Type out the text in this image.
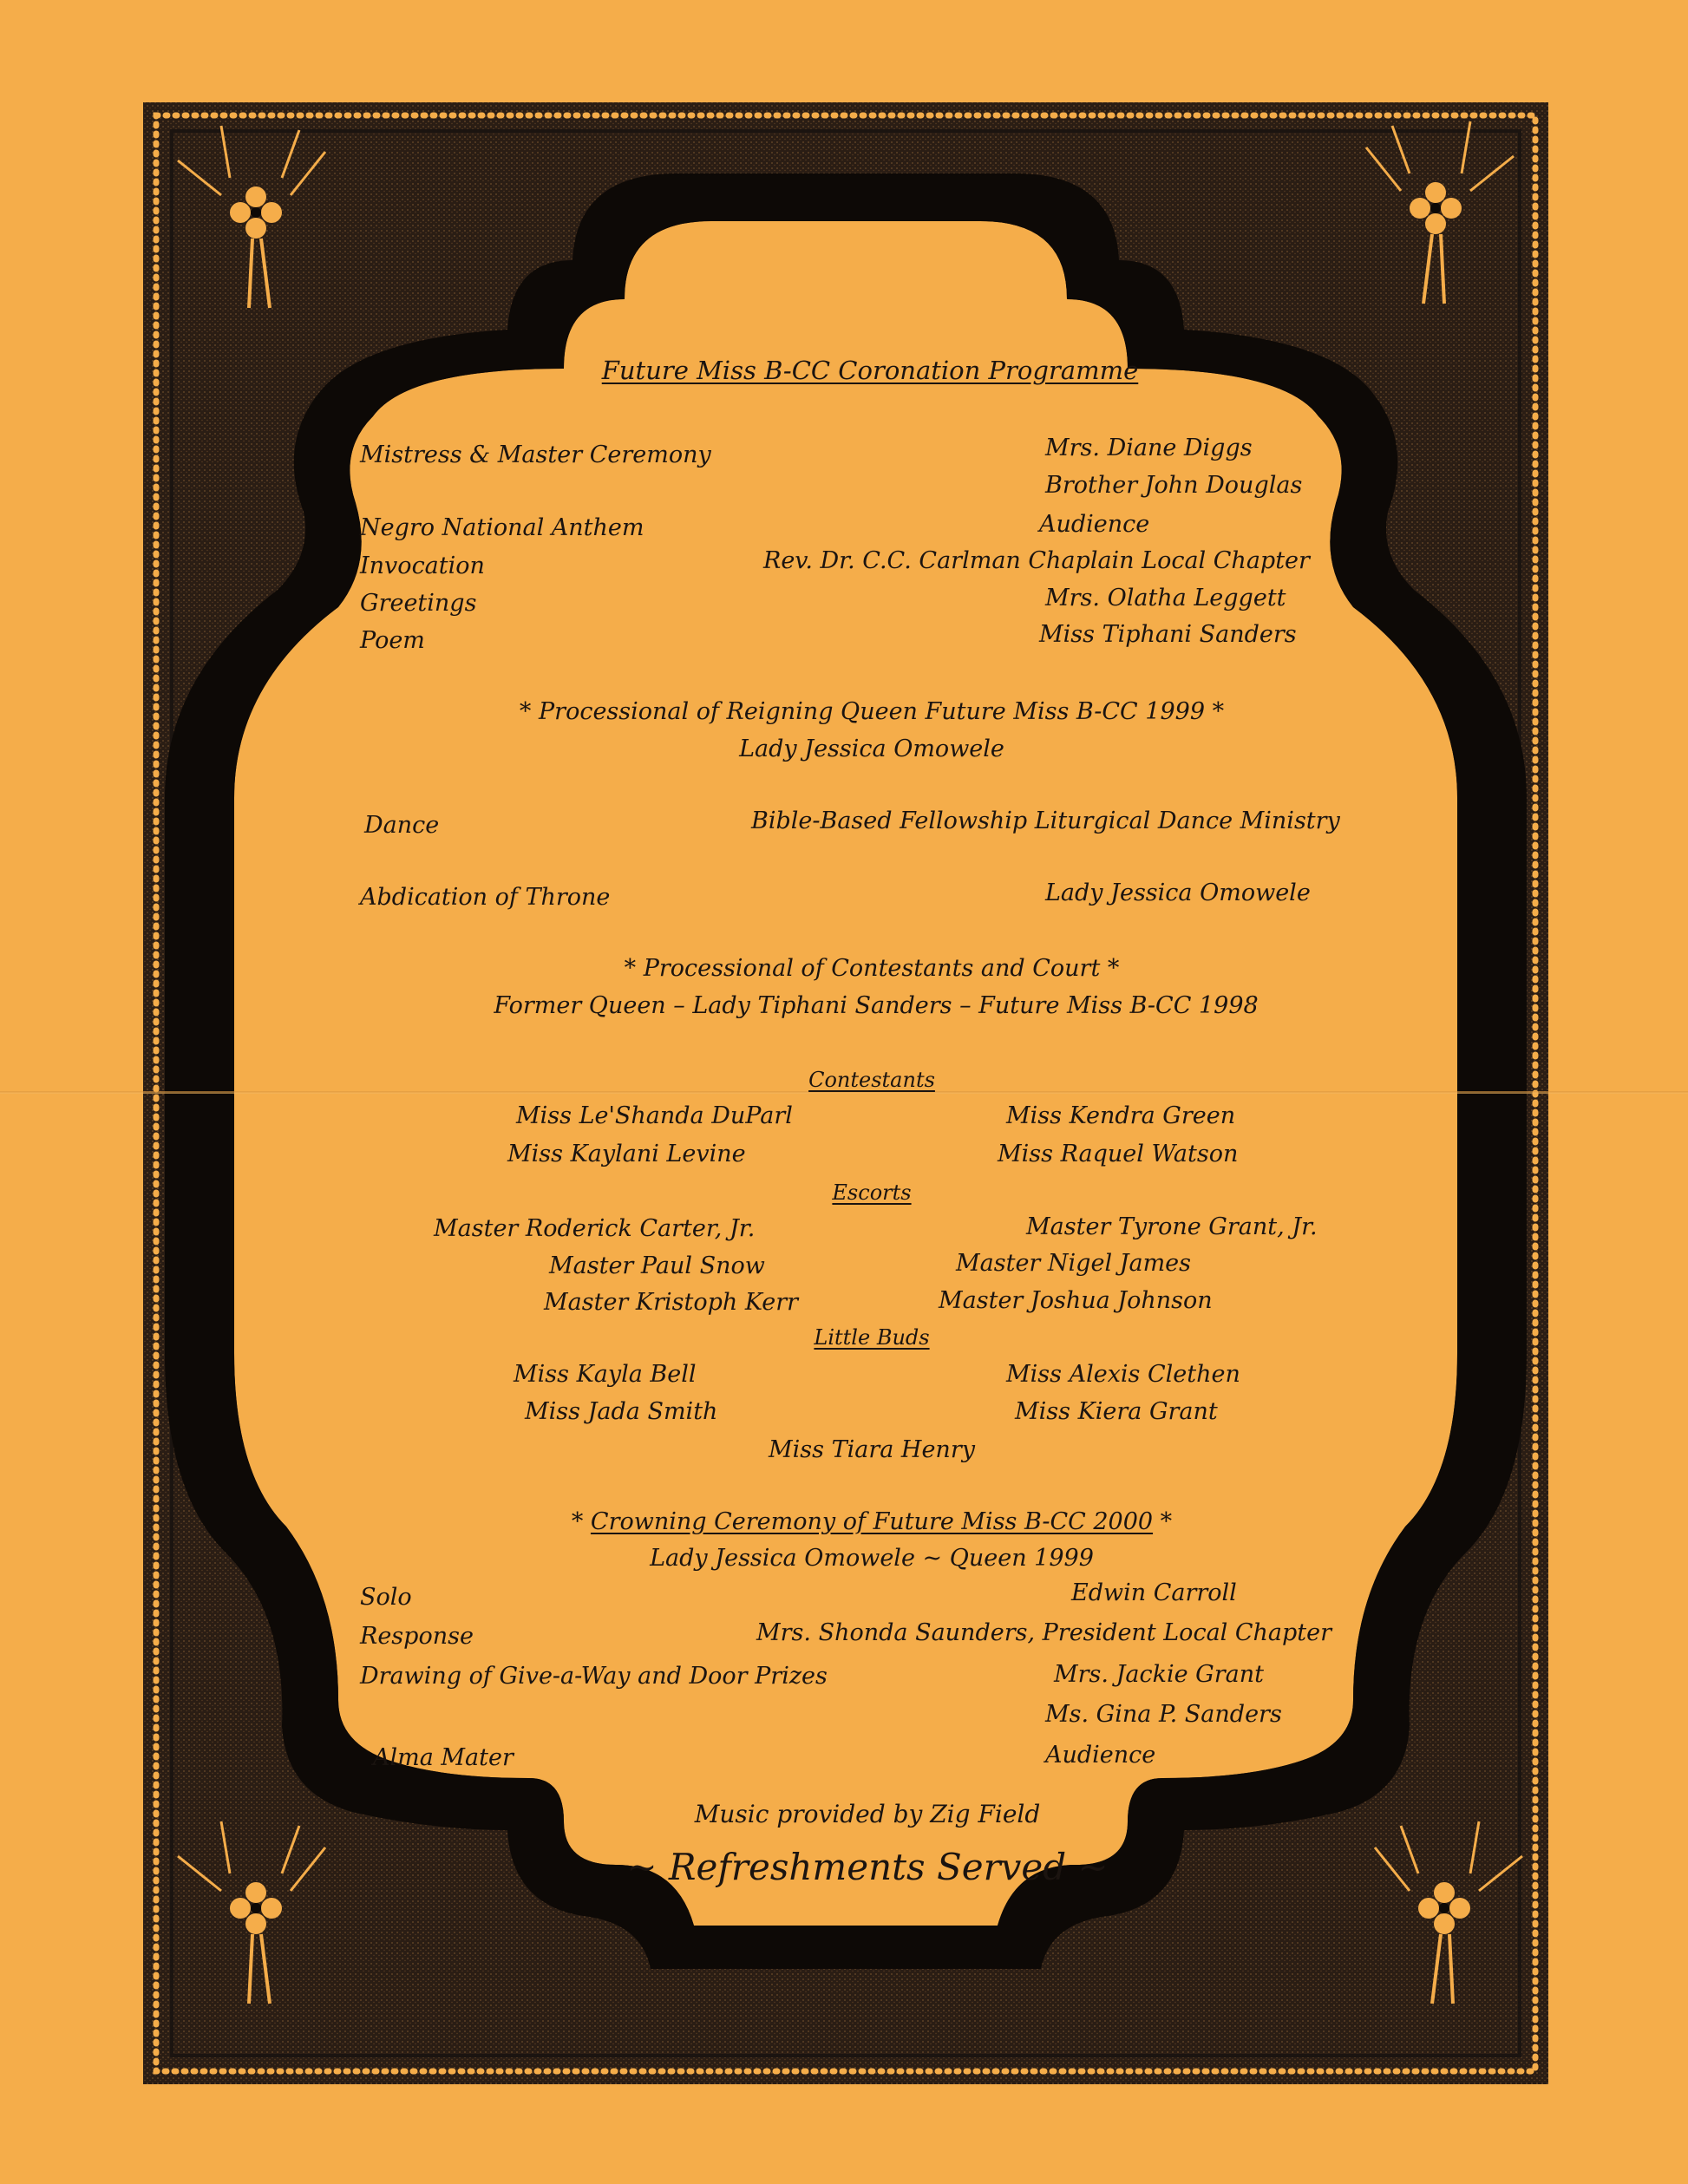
Future Miss B-CC Coronation Programme
Mistress & Master Ceremony	Mrs. Diane Diggs
Brother John Douglas
Negro National Anthem	Audience
Invocation	Rev. Dr. C.C. Carlman Chaplain Local Chapter
Greetings	Mrs. Olatha Leggett
Poem	Miss Tiphani Sanders
* Processional of Reigning Queen Future Miss B-CC 1999 *
Lady Jessica Omowele
Dance	Bible-Based Fellowship Liturgical Dance Ministry
Abdication of Throne	Lady Jessica Omowele
* Processional of Contestants and Court *
Former Queen – Lady Tiphani Sanders – Future Miss B-CC 1998
Contestants
Miss Le'Shanda DuParl	Miss Kendra Green
Miss Kaylani Levine	Miss Raquel Watson
Escorts
Master Roderick Carter, Jr.	Master Tyrone Grant, Jr.
Master Paul Snow	Master Nigel James
Master Kristoph Kerr	Master Joshua Johnson
Little Buds
Miss Kayla Bell	Miss Alexis Clethen
Miss Jada Smith	Miss Kiera Grant
Miss Tiara Henry
* Crowning Ceremony of Future Miss B-CC 2000 *
Lady Jessica Omowele ~ Queen 1999
Solo	Edwin Carroll
Response	Mrs. Shonda Saunders, President Local Chapter
Drawing of Give-a-Way and Door Prizes	Mrs. Jackie Grant
Ms. Gina P. Sanders
Alma Mater	Audience
Music provided by Zig Field
~ Refreshments Served ~
